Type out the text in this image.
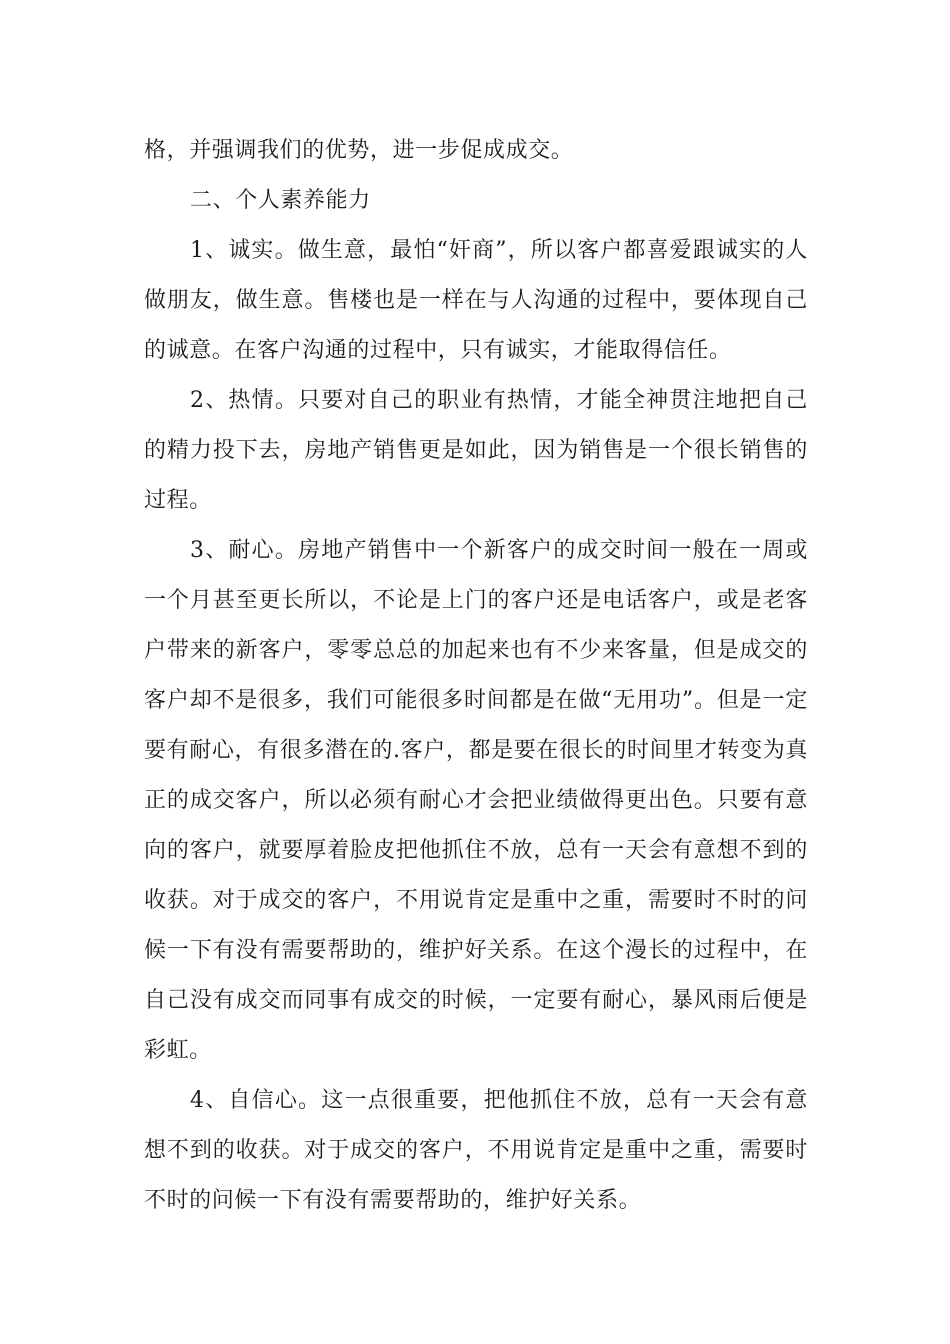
格，并强调我们的优势，进一步促成成交。

二、个人素养能力

1、诚实。做生意，最怕“奸商”，所以客户都喜爱跟诚实的人做朋友，做生意。售楼也是一样在与人沟通的过程中，要体现自己的诚意。在客户沟通的过程中，只有诚实，才能取得信任。

2、热情。只要对自己的职业有热情，才能全神贯注地把自己的精力投下去，房地产销售更是如此，因为销售是一个很长销售的过程。

3、耐心。房地产销售中一个新客户的成交时间一般在一周或一个月甚至更长所以，不论是上门的客户还是电话客户，或是老客户带来的新客户，零零总总的加起来也有不少来客量，但是成交的客户却不是很多，我们可能很多时间都是在做“无用功”。但是一定要有耐心，有很多潜在的.客户，都是要在很长的时间里才转变为真正的成交客户，所以必须有耐心才会把业绩做得更出色。只要有意向的客户，就要厚着脸皮把他抓住不放，总有一天会有意想不到的收获。对于成交的客户，不用说肯定是重中之重，需要时不时的问候一下有没有需要帮助的，维护好关系。在这个漫长的过程中，在自己没有成交而同事有成交的时候，一定要有耐心，暴风雨后便是彩虹。

4、自信心。这一点很重要，把他抓住不放，总有一天会有意想不到的收获。对于成交的客户，不用说肯定是重中之重，需要时不时的问候一下有没有需要帮助的，维护好关系。
